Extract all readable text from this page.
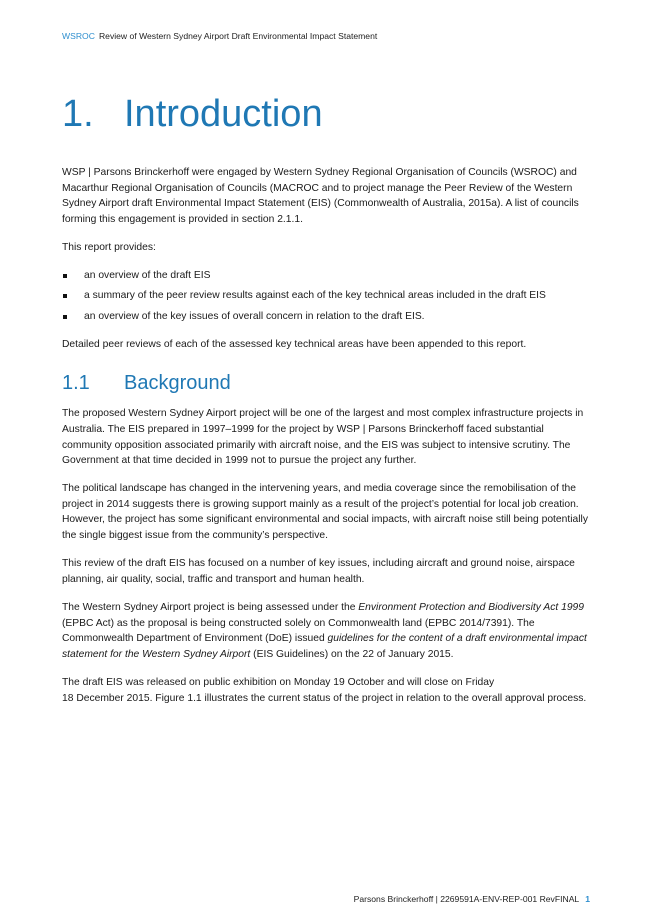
WSROC Review of Western Sydney Airport Draft Environmental Impact Statement
1. Introduction

WSP | Parsons Brinckerhoff were engaged by Western Sydney Regional Organisation of Councils (WSROC) and Macarthur Regional Organisation of Councils (MACROC and to project manage the Peer Review of the Western Sydney Airport draft Environmental Impact Statement (EIS) (Commonwealth of Australia, 2015a). A list of councils forming this engagement is provided in section 2.1.1.

This report provides:

an overview of the draft EIS
a summary of the peer review results against each of the key technical areas included in the draft EIS
an overview of the key issues of overall concern in relation to the draft EIS.

Detailed peer reviews of each of the assessed key technical areas have been appended to this report.

1.1 Background

The proposed Western Sydney Airport project will be one of the largest and most complex infrastructure projects in Australia. The EIS prepared in 1997–1999 for the project by WSP | Parsons Brinckerhoff faced substantial community opposition associated primarily with aircraft noise, and the EIS was subject to intensive scrutiny. The Government at that time decided in 1999 not to pursue the project any further.

The political landscape has changed in the intervening years, and media coverage since the remobilisation of the project in 2014 suggests there is growing support mainly as a result of the project’s potential for local job creation. However, the project has some significant environmental and social impacts, with aircraft noise still being potentially the single biggest issue from the community’s perspective.

This review of the draft EIS has focused on a number of key issues, including aircraft and ground noise, airspace planning, air quality, social, traffic and transport and human health.

The Western Sydney Airport project is being assessed under the Environment Protection and Biodiversity Act 1999 (EPBC Act) as the proposal is being constructed solely on Commonwealth land (EPBC 2014/7391). The Commonwealth Department of Environment (DoE) issued guidelines for the content of a draft environmental impact statement for the Western Sydney Airport (EIS Guidelines) on the 22 of January 2015.

The draft EIS was released on public exhibition on Monday 19 October and will close on Friday
18 December 2015. Figure 1.1 illustrates the current status of the project in relation to the overall approval process.

Parsons Brinckerhoff | 2269591A-ENV-REP-001 RevFINAL 1
